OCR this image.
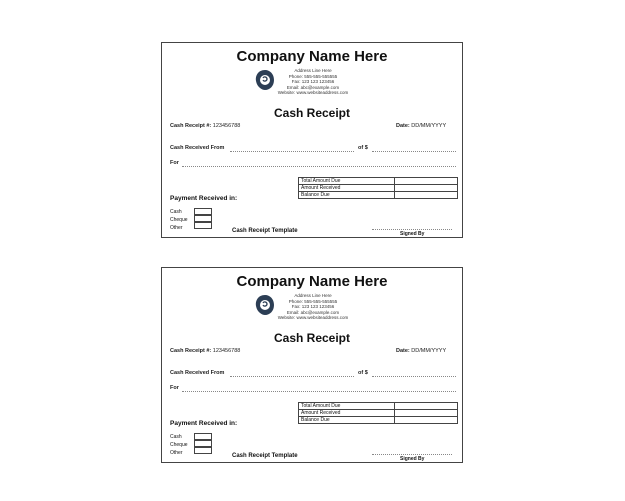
Company Name Here
Address Line Here
Phone: 555-555-555555
Fax: 123 123 123456
Email: abc@example.com
Website: www.websiteaddress.com
Cash Receipt
Cash Receipt #: 123456788	Date: DD/MM/YYYY
Cash Received From	of $
For
Total Amount Due	
Amount Received	
Balance Due	
Payment Received in:
Cash
Cheque
Other	Cash Receipt Template	Signed By
Company Name Here
Address Line Here
Phone: 555-555-555555
Fax: 123 123 123456
Email: abc@example.com
Website: www.websiteaddress.com
Cash Receipt
Cash Receipt #: 123456788	Date: DD/MM/YYYY
Cash Received From	of $
For
Total Amount Due	
Amount Received	
Balance Due	
Payment Received in:
Cash
Cheque
Other	Cash Receipt Template	Signed By
